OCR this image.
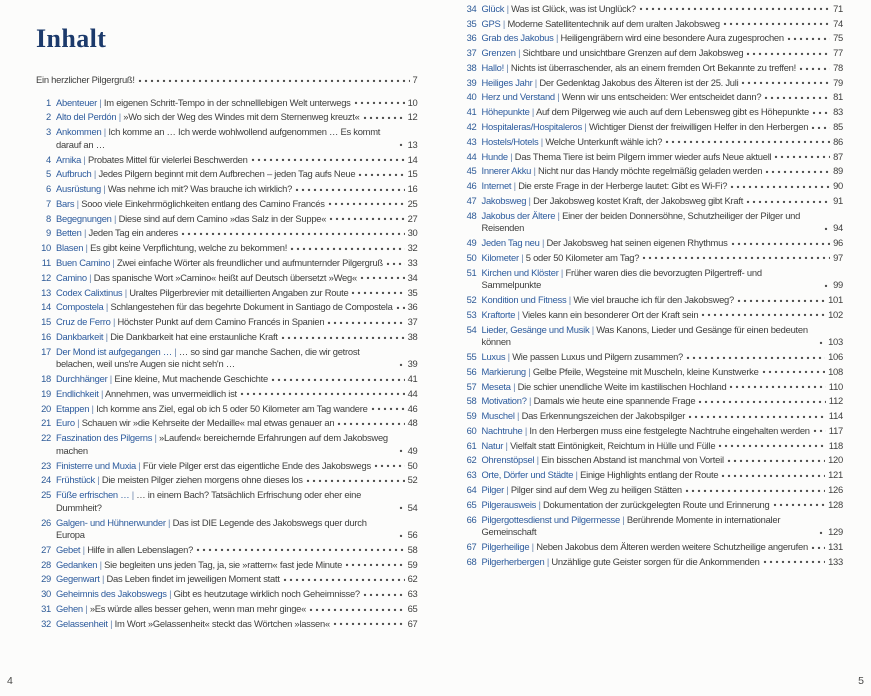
Inhalt
Ein herzlicher Pilgergruß!	7
1 Abenteuer | Im eigenen Schritt-Tempo in der schnelllebigen Welt unterwegs	10
2 Alto del Perdón | »Wo sich der Weg des Windes mit dem Sternenweg kreuzt«	12
3 Ankommen | Ich komme an … Ich werde wohlwollend aufgenommen … Es kommt darauf an …	13
4 Arnika | Probates Mittel für vielerlei Beschwerden	14
5 Aufbruch | Jedes Pilgern beginnt mit dem Aufbrechen – jeden Tag aufs Neue	15
6 Ausrüstung | Was nehme ich mit? Was brauche ich wirklich?	16
7 Bars | Sooo viele Einkehrmöglichkeiten entlang des Camino Francés	25
8 Begegnungen | Diese sind auf dem Camino »das Salz in der Suppe«	27
9 Betten | Jeden Tag ein anderes	30
10 Blasen | Es gibt keine Verpflichtung, welche zu bekommen!	32
11 Buen Camino | Zwei einfache Wörter als freundlicher und aufmunternder Pilgergruß	33
12 Camino | Das spanische Wort »Camino« heißt auf Deutsch übersetzt »Weg«	34
13 Codex Calixtinus | Uraltes Pilgerbrevier mit detaillierten Angaben zur Route	35
14 Compostela | Schlangestehen für das begehrte Dokument in Santiago de Compostela 36
15 Cruz de Ferro | Höchster Punkt auf dem Camino Francés in Spanien	37
16 Dankbarkeit | Die Dankbarkeit hat eine erstaunliche Kraft	38
17 Der Mond ist aufgegangen … | … so sind gar manche Sachen, die wir getrost belachen, weil uns're Augen sie nicht seh'n …	39
18 Durchhänger | Eine kleine, Mut machende Geschichte	41
19 Endlichkeit | Annehmen, was unvermeidlich ist	44
20 Etappen | Ich komme ans Ziel, egal ob ich 5 oder 50 Kilometer am Tag wandere	46
21 Euro | Schauen wir »die Kehrseite der Medaille« mal etwas genauer an	48
22 Faszination des Pilgerns | »Laufend« bereichernde Erfahrungen auf dem Jakobsweg machen	49
23 Finisterre und Muxia | Für viele Pilger erst das eigentliche Ende des Jakobswegs	50
24 Frühstück | Die meisten Pilger ziehen morgens ohne dieses los	52
25 Füße erfrischen … | … in einem Bach? Tatsächlich Erfrischung oder eher eine Dummheit?	54
26 Galgen- und Hühnerwunder | Das ist DIE Legende des Jakobswegs quer durch Europa	56
27 Gebet | Hilfe in allen Lebenslagen?	58
28 Gedanken | Sie begleiten uns jeden Tag, ja, sie »rattern« fast jede Minute	59
29 Gegenwart | Das Leben findet im jeweiligen Moment statt	62
30 Geheimnis des Jakobswegs | Gibt es heutzutage wirklich noch Geheimnisse?	63
31 Gehen | »Es würde alles besser gehen, wenn man mehr ginge«	65
32 Gelassenheit | Im Wort »Gelassenheit« steckt das Wörtchen »lassen«	67
34 Glück | Was ist Glück, was ist Unglück?	71
35 GPS | Moderne Satellitentechnik auf dem uralten Jakobsweg	74
36 Grab des Jakobus | Heiligengräbern wird eine besondere Aura zugesprochen	75
37 Grenzen | Sichtbare und unsichtbare Grenzen auf dem Jakobsweg	77
38 Hallo! | Nichts ist überraschender, als an einem fremden Ort Bekannte zu treffen!	78
39 Heiliges Jahr | Der Gedenktag Jakobus des Älteren ist der 25. Juli	79
40 Herz und Verstand | Wenn wir uns entscheiden: Wer entscheidet dann?	81
41 Höhepunkte | Auf dem Pilgerweg wie auch auf dem Lebensweg gibt es Höhepunkte	83
42 Hospitaleras/Hospitaleros | Wichtiger Dienst der freiwilligen Helfer in den Herbergen	85
43 Hostels/Hotels | Welche Unterkunft wähle ich?	86
44 Hunde | Das Thema Tiere ist beim Pilgern immer wieder aufs Neue aktuell	87
45 Innerer Akku | Nicht nur das Handy möchte regelmäßig geladen werden	89
46 Internet | Die erste Frage in der Herberge lautet: Gibt es Wi-Fi?	90
47 Jakobsweg | Der Jakobsweg kostet Kraft, der Jakobsweg gibt Kraft	91
48 Jakobus der Ältere | Einer der beiden Donnersöhne, Schutzheiliger der Pilger und Reisenden	94
49 Jeden Tag neu | Der Jakobsweg hat seinen eigenen Rhythmus	96
50 Kilometer | 5 oder 50 Kilometer am Tag?	97
51 Kirchen und Klöster | Früher waren dies die bevorzugten Pilgertreff- und Sammelpunkte	99
52 Kondition und Fitness | Wie viel brauche ich für den Jakobsweg?	101
53 Kraftorte | Vieles kann ein besonderer Ort der Kraft sein	102
54 Lieder, Gesänge und Musik | Was Kanons, Lieder und Gesänge für einen bedeuten können	103
55 Luxus | Wie passen Luxus und Pilgern zusammen?	106
56 Markierung | Gelbe Pfeile, Wegsteine mit Muscheln, kleine Kunstwerke	108
57 Meseta | Die schier unendliche Weite im kastilischen Hochland	110
58 Motivation? | Damals wie heute eine spannende Frage	112
59 Muschel | Das Erkennungszeichen der Jakobspilger	114
60 Nachtruhe | In den Herbergen muss eine festgelegte Nachtruhe eingehalten werden 117
61 Natur | Vielfalt statt Eintönigkeit, Reichtum in Hülle und Fülle	118
62 Ohrenstöpsel | Ein bisschen Abstand ist manchmal von Vorteil	120
63 Orte, Dörfer und Städte | Einige Highlights entlang der Route	121
64 Pilger | Pilger sind auf dem Weg zu heiligen Stätten	126
65 Pilgerausweis | Dokumentation der zurückgelegten Route und Erinnerung	128
66 Pilgergottesdienst und Pilgermesse | Berührende Momente in internationaler Gemeinschaft	129
67 Pilgerheilige | Neben Jakobus dem Älteren werden weitere Schutzheilige angerufen 131
68 Pilgerherbergen | Unzählige gute Geister sorgen für die Ankommenden	133
4	5
